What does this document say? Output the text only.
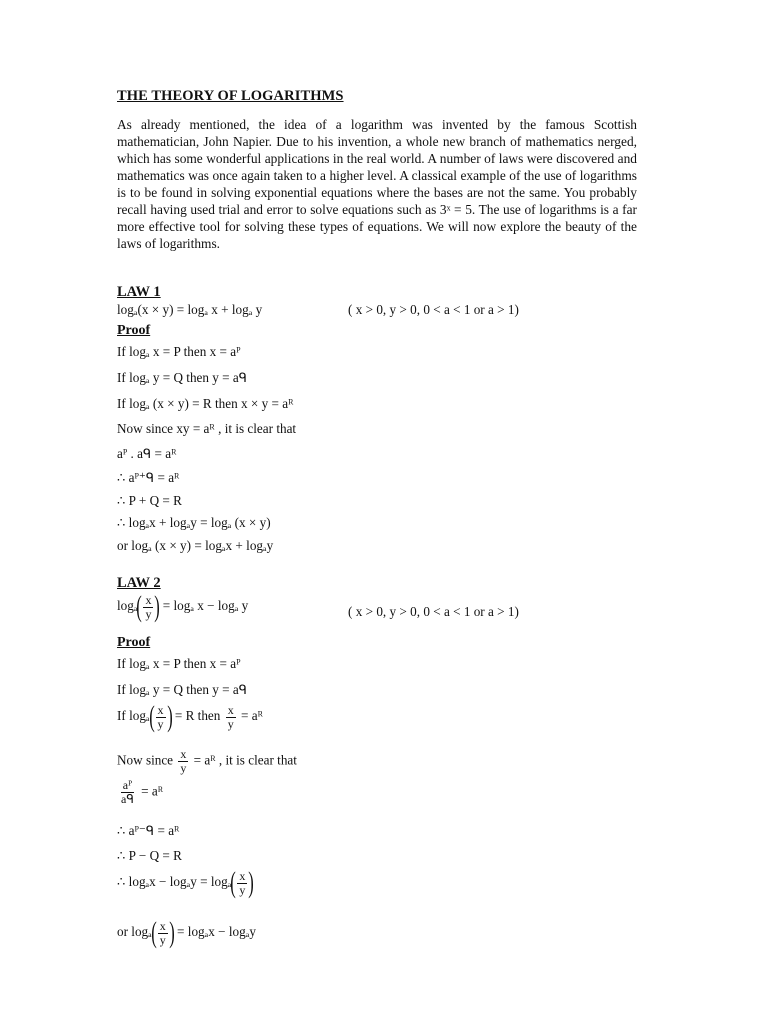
THE THEORY OF LOGARITHMS
As already mentioned, the idea of a logarithm was invented by the famous Scottish mathematician, John Napier. Due to his invention, a whole new branch of mathematics nerged, which has some wonderful applications in the real world. A number of laws were discovered and mathematics was once again taken to a higher level. A classical example of the use of logarithms is to be found in solving exponential equations where the bases are not the same. You probably recall having used trial and error to solve equations such as 3ˣ = 5. The use of logarithms is a far more effective tool for solving these types of equations. We will now explore the beauty of the laws of logarithms.
LAW 1
logₐ(x × y) = logₐ x + logₐ y	( x > 0, y > 0, 0 < a < 1 or a > 1)
Proof
If logₐ x = P then x = aᴾ
If logₐ y = Q then y = aᑫ
If logₐ (x × y) = R then x × y = aᴿ
Now since xy = aᴿ , it is clear that
aᴾ . aᑫ = aᴿ
∴ aᴾ⁺ᑫ = aᴿ
∴ P + Q = R
∴ logₐx + logₐy = logₐ (x × y)
or logₐ (x × y) = logₐx + logₐy
LAW 2
$\log_a( \frac{x}{y}$ ) = logₐ x − logₐ y	( x > 0, y > 0, 0 < a < 1 or a > 1)
Proof
If logₐ x = P then x = aᴾ
If logₐ y = Q then y = aᑫ
If $\log_a( \frac{x}{y}$ ) = R then $\frac{x}{y}$ = aᴿ
Now since $\frac{x}{y}$ = aᴿ , it is clear that
$\frac{\text{aᴾ}}{\text{aᑫ}}$ = aᴿ
∴ aᴾ⁻ᑫ = aᴿ
∴ P − Q = R
∴ $\log_ax - \log_ay = \log_a( \frac{x}{y}$ )
or $\log_a( \frac{x}{y}$ ) = logₐx − logₐy
